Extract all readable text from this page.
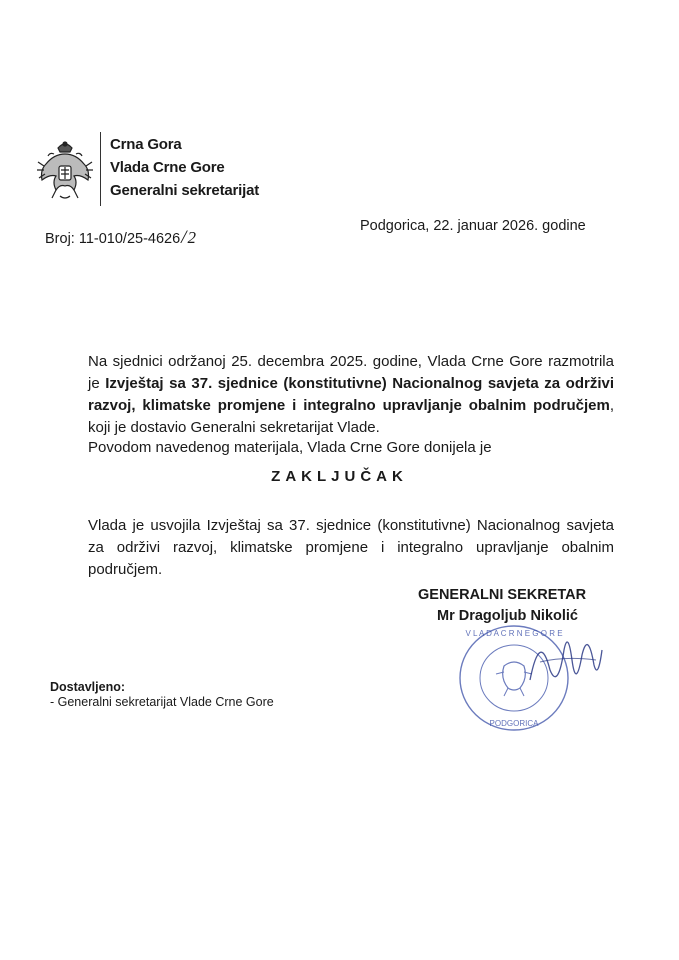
Crna Gora
Vlada Crne Gore
Generalni sekretarijat
Broj: 11-010/25-4626/2
Podgorica, 22. januar 2026. godine
Na sjednici održanoj 25. decembra 2025. godine, Vlada Crne Gore razmotrila je Izvještaj sa 37. sjednice (konstitutivne) Nacionalnog savjeta za održivi razvoj, klimatske promjene i integralno upravljanje obalnim područjem, koji je dostavio Generalni sekretarijat Vlade.
Povodom navedenog materijala, Vlada Crne Gore donijela je
ZAKLJUČAK
Vlada je usvojila Izvještaj sa 37. sjednice (konstitutivne) Nacionalnog savjeta za održivi razvoj, klimatske promjene i integralno upravljanje obalnim područjem.
GENERALNI SEKRETAR
Mr Dragoljub Nikolić
PODGORICA
V L A D A C R N E G O R E
Dostavljeno:
- Generalni sekretarijat Vlade Crne Gore
